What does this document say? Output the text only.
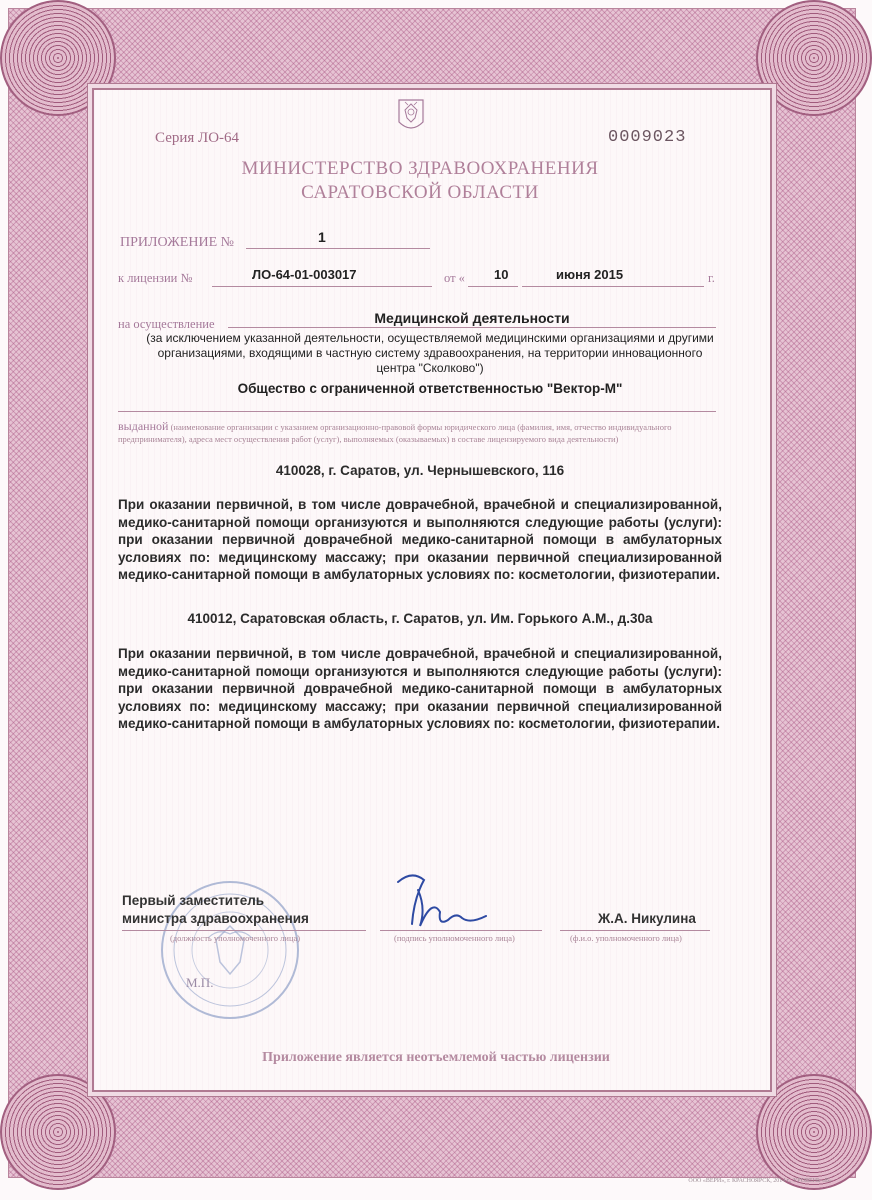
Серия ЛО-64	0009023
МИНИСТЕРСТВО ЗДРАВООХРАНЕНИЯ
САРАТОВСКОЙ ОБЛАСТИ
ПРИЛОЖЕНИЕ №	1
к лицензии №	ЛО-64-01-003017	от « 10	июня 2015	г.
на осуществление	Медицинской деятельности
(за исключением указанной деятельности, осуществляемой медицинскими организациями и другими организациями, входящими в частную систему здравоохранения, на территории инновационного центра "Сколково")
Общество с ограниченной ответственностью "Вектор-М"
выданной (наименование организации с указанием организационно-правовой формы юридического лица (фамилия, имя, отчество индивидуального предпринимателя), адреса мест осуществления работ (услуг), выполняемых (оказываемых) в составе лицензируемого вида деятельности)
410028, г. Саратов, ул. Чернышевского, 116
При оказании первичной, в том числе доврачебной, врачебной и специализированной, медико-санитарной помощи организуются и выполняются следующие работы (услуги): при оказании первичной доврачебной медико-санитарной помощи в амбулаторных условиях по: медицинскому массажу; при оказании первичной специализированной медико-санитарной помощи в амбулаторных условиях по: косметологии, физиотерапии.
410012, Саратовская область, г. Саратов, ул. Им. Горького А.М., д.30а
При оказании первичной, в том числе доврачебной, врачебной и специализированной, медико-санитарной помощи организуются и выполняются следующие работы (услуги): при оказании первичной доврачебной медико-санитарной помощи в амбулаторных условиях по: медицинскому массажу; при оказании первичной специализированной медико-санитарной помощи в амбулаторных условиях по: косметологии, физиотерапии.
М.П.
Первый заместитель
министра здравоохранения
(должность уполномоченного лица)	(подпись уполномоченного лица)
Ж.А. Никулина
(ф.и.о. уполномоченного лица)
Приложение является неотъемлемой частью лицензии
ООО «ВЕРИ», г. КРАСНОЯРСК, 2014 г., УРОВЕНЬ «В»
